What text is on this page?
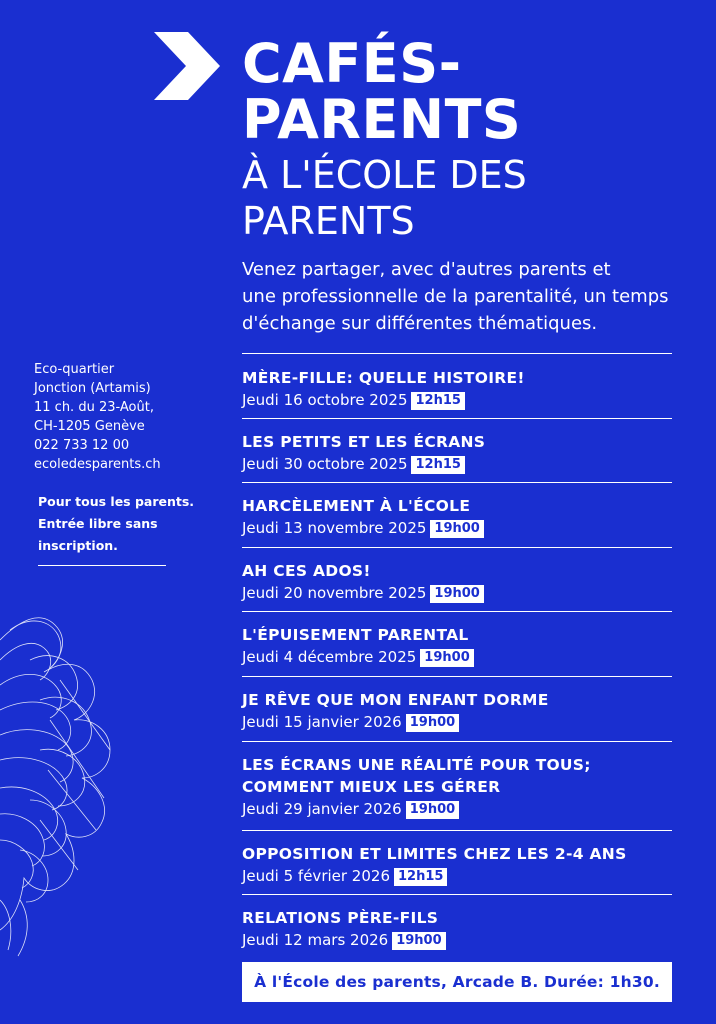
CAFÉS-
PARENTS
À L'ÉCOLE DES
PARENTS
Venez partager, avec d'autres parents et
une professionnelle de la parentalité, un temps
d'échange sur différentes thématiques.
Eco-quartier
Jonction (Artamis)
11 ch. du 23-Août,
CH-1205 Genève
022 733 12 00
ecoledesparents.ch
Pour tous les parents.
Entrée libre sans
inscription.
MÈRE-FILLE: QUELLE HISTOIRE!
Jeudi 16 octobre 2025 12h15
LES PETITS ET LES ÉCRANS
Jeudi 30 octobre 2025 12h15
HARCÈLEMENT À L'ÉCOLE
Jeudi 13 novembre 2025 19h00
AH CES ADOS!
Jeudi 20 novembre 2025 19h00
L'ÉPUISEMENT PARENTAL
Jeudi 4 décembre 2025 19h00
JE RÊVE QUE MON ENFANT DORME
Jeudi 15 janvier 2026 19h00
LES ÉCRANS UNE RÉALITÉ POUR TOUS;
COMMENT MIEUX LES GÉRER
Jeudi 29 janvier 2026 19h00
OPPOSITION ET LIMITES CHEZ LES 2-4 ANS
Jeudi 5 février 2026 12h15
RELATIONS PÈRE-FILS
Jeudi 12 mars 2026 19h00
À l'École des parents, Arcade B. Durée: 1h30.
